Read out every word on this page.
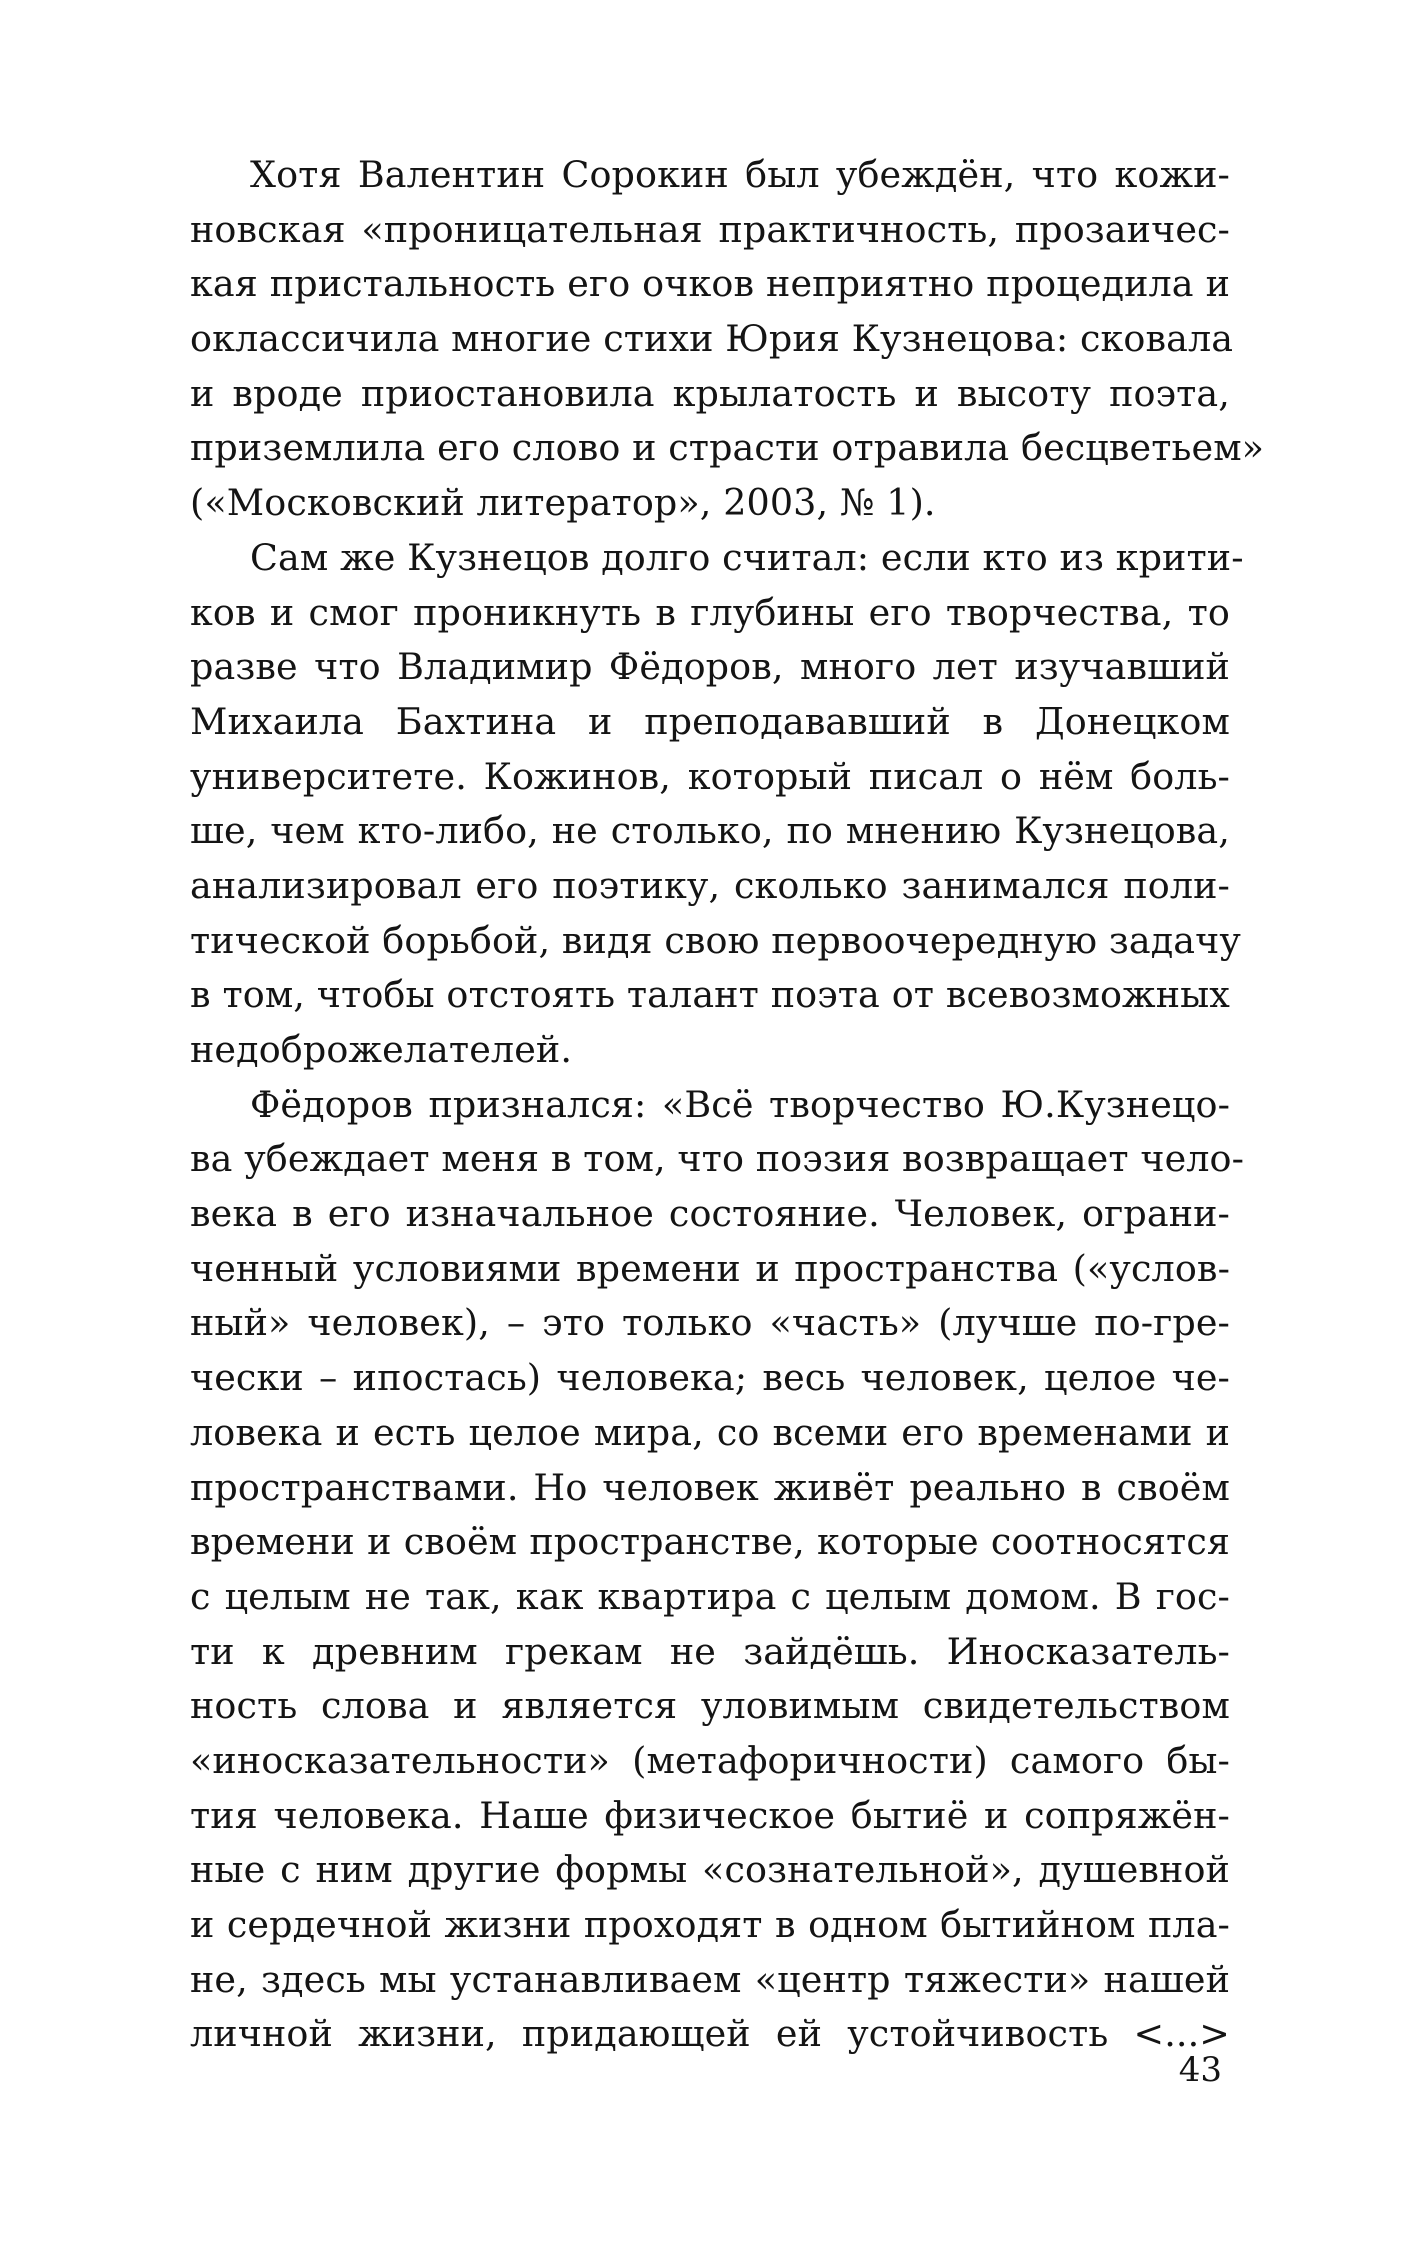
Хотя Валентин Сорокин был убеждён, что кожи-
новская «проницательная практичность, прозаичес-
кая пристальность его очков неприятно процедила и
окласcичила многие стихи Юрия Кузнецова: сковала
и вроде приостановила крылатость и высоту поэта,
приземлила его слово и страсти отравила бесцветьем»
(«Московский литератор», 2003, № 1).
Сам же Кузнецов долго считал: если кто из крити-
ков и смог проникнуть в глубины его творчества, то
разве что Владимир Фёдоров, много лет изучавший
Михаила Бахтина и преподававший в Донецком
университете. Кожинов, который писал о нём боль-
ше, чем кто-либо, не столько, по мнению Кузнецова,
анализировал его поэтику, сколько занимался поли-
тической борьбой, видя свою первоочередную задачу
в том, чтобы отстоять талант поэта от всевозможных
недоброжелателей.
Фёдоров признался: «Всё творчество Ю.Кузнецо-
ва убеждает меня в том, что поэзия возвращает чело-
века в его изначальное состояние. Человек, ограни-
ченный условиями времени и пространства («услов-
ный» человек), – это только «часть» (лучше по-гре-
чески – ипостась) человека; весь человек, целое че-
ловека и есть целое мира, со всеми его временами и
пространствами. Но человек живёт реально в своём
времени и своём пространстве, которые соотносятся
с целым не так, как квартира с целым домом. В гос-
ти к древним грекам не зайдёшь. Иносказатель-
ность слова и является уловимым свидетельством
«иносказательности» (метафоричности) самого бы-
тия человека. Наше физическое бытиё и сопряжён-
ные с ним другие формы «сознательной», душевной
и сердечной жизни проходят в одном бытийном пла-
не, здесь мы устанавливаем «центр тяжести» нашей
личной жизни, придающей ей устойчивость <...>
43
